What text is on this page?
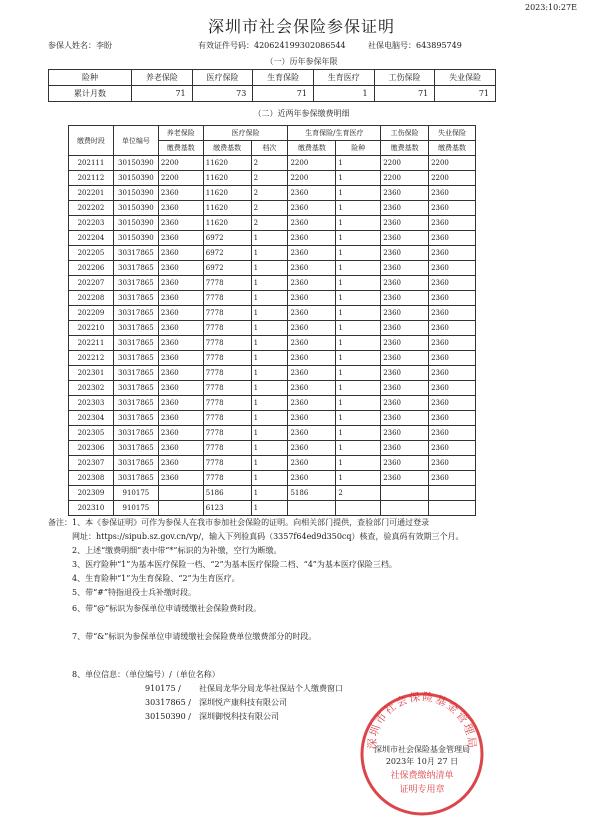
2023:10:27E
深圳市社会保险参保证明
参保人姓名：李盼	有效证件号码：420624199302086544	社保电脑号：643895749
（一）历年参保年限
险种	养老保险	医疗保险	生育保险	生育医疗	工伤保险	失业保险
累计月数	71	73	71	1	71	71
（二）近两年参保缴费明细
缴费时段	单位编号	养老保险	医疗保险		生育保险/生育医疗		工伤保险	失业保险
		缴费基数	缴费基数	档次	缴费基数	险种	缴费基数	缴费基数
202111	30150390	2200	11620	2	2200	1	2200	2200
202112	30150390	2200	11620	2	2200	1	2200	2200
202201	30150390	2360	11620	2	2360	1	2360	2360
202202	30150390	2360	11620	2	2360	1	2360	2360
202203	30150390	2360	11620	2	2360	1	2360	2360
202204	30150390	2360	6972	1	2360	1	2360	2360
202205	30317865	2360	6972	1	2360	1	2360	2360
202206	30317865	2360	6972	1	2360	1	2360	2360
202207	30317865	2360	7778	1	2360	1	2360	2360
202208	30317865	2360	7778	1	2360	1	2360	2360
202209	30317865	2360	7778	1	2360	1	2360	2360
202210	30317865	2360	7778	1	2360	1	2360	2360
202211	30317865	2360	7778	1	2360	1	2360	2360
202212	30317865	2360	7778	1	2360	1	2360	2360
202301	30317865	2360	7778	1	2360	1	2360	2360
202302	30317865	2360	7778	1	2360	1	2360	2360
202303	30317865	2360	7778	1	2360	1	2360	2360
202304	30317865	2360	7778	1	2360	1	2360	2360
202305	30317865	2360	7778	1	2360	1	2360	2360
202306	30317865	2360	7778	1	2360	1	2360	2360
202307	30317865	2360	7778	1	2360	1	2360	2360
202308	30317865	2360	7778	1	2360	1	2360	2360
202309	910175		5186	1	5186	2		
202310	910175		6123	1				
备注：1、本《参保证明》可作为参保人在我市参加社会保险的证明。向相关部门提供，查验部门可通过登录
网址：https://sipub.sz.gov.cn/vp/，输入下列验真码（3357f64ed9d350cq）核查，验真码有效期三个月。
2、上述“缴费明细”表中带“*”标识的为补缴，空行为断缴。
3、医疗险种“1”为基本医疗保险一档、“2”为基本医疗保险二档、“4”为基本医疗保险三档。
4、生育险种“1”为生育保险、“2”为生育医疗。
5、带“#”特指退役士兵补缴时段。
6、带“@”标识为参保单位申请缓缴社会保险费时段。
7、带“&”标识为参保单位申请缓缴社会保险费单位缴费部分的时段。
8、单位信息：（单位编号）/（单位名称）
910175 / 社保局龙华分局龙华社保站个人缴费窗口
30317865 / 深圳悦产康科技有限公司
30150390 / 深圳御悦科技有限公司
深圳市社会保险基金管理局
深圳市社会保险基金管理局
2023年 10月 27 日
社保费缴纳清单
证明专用章
